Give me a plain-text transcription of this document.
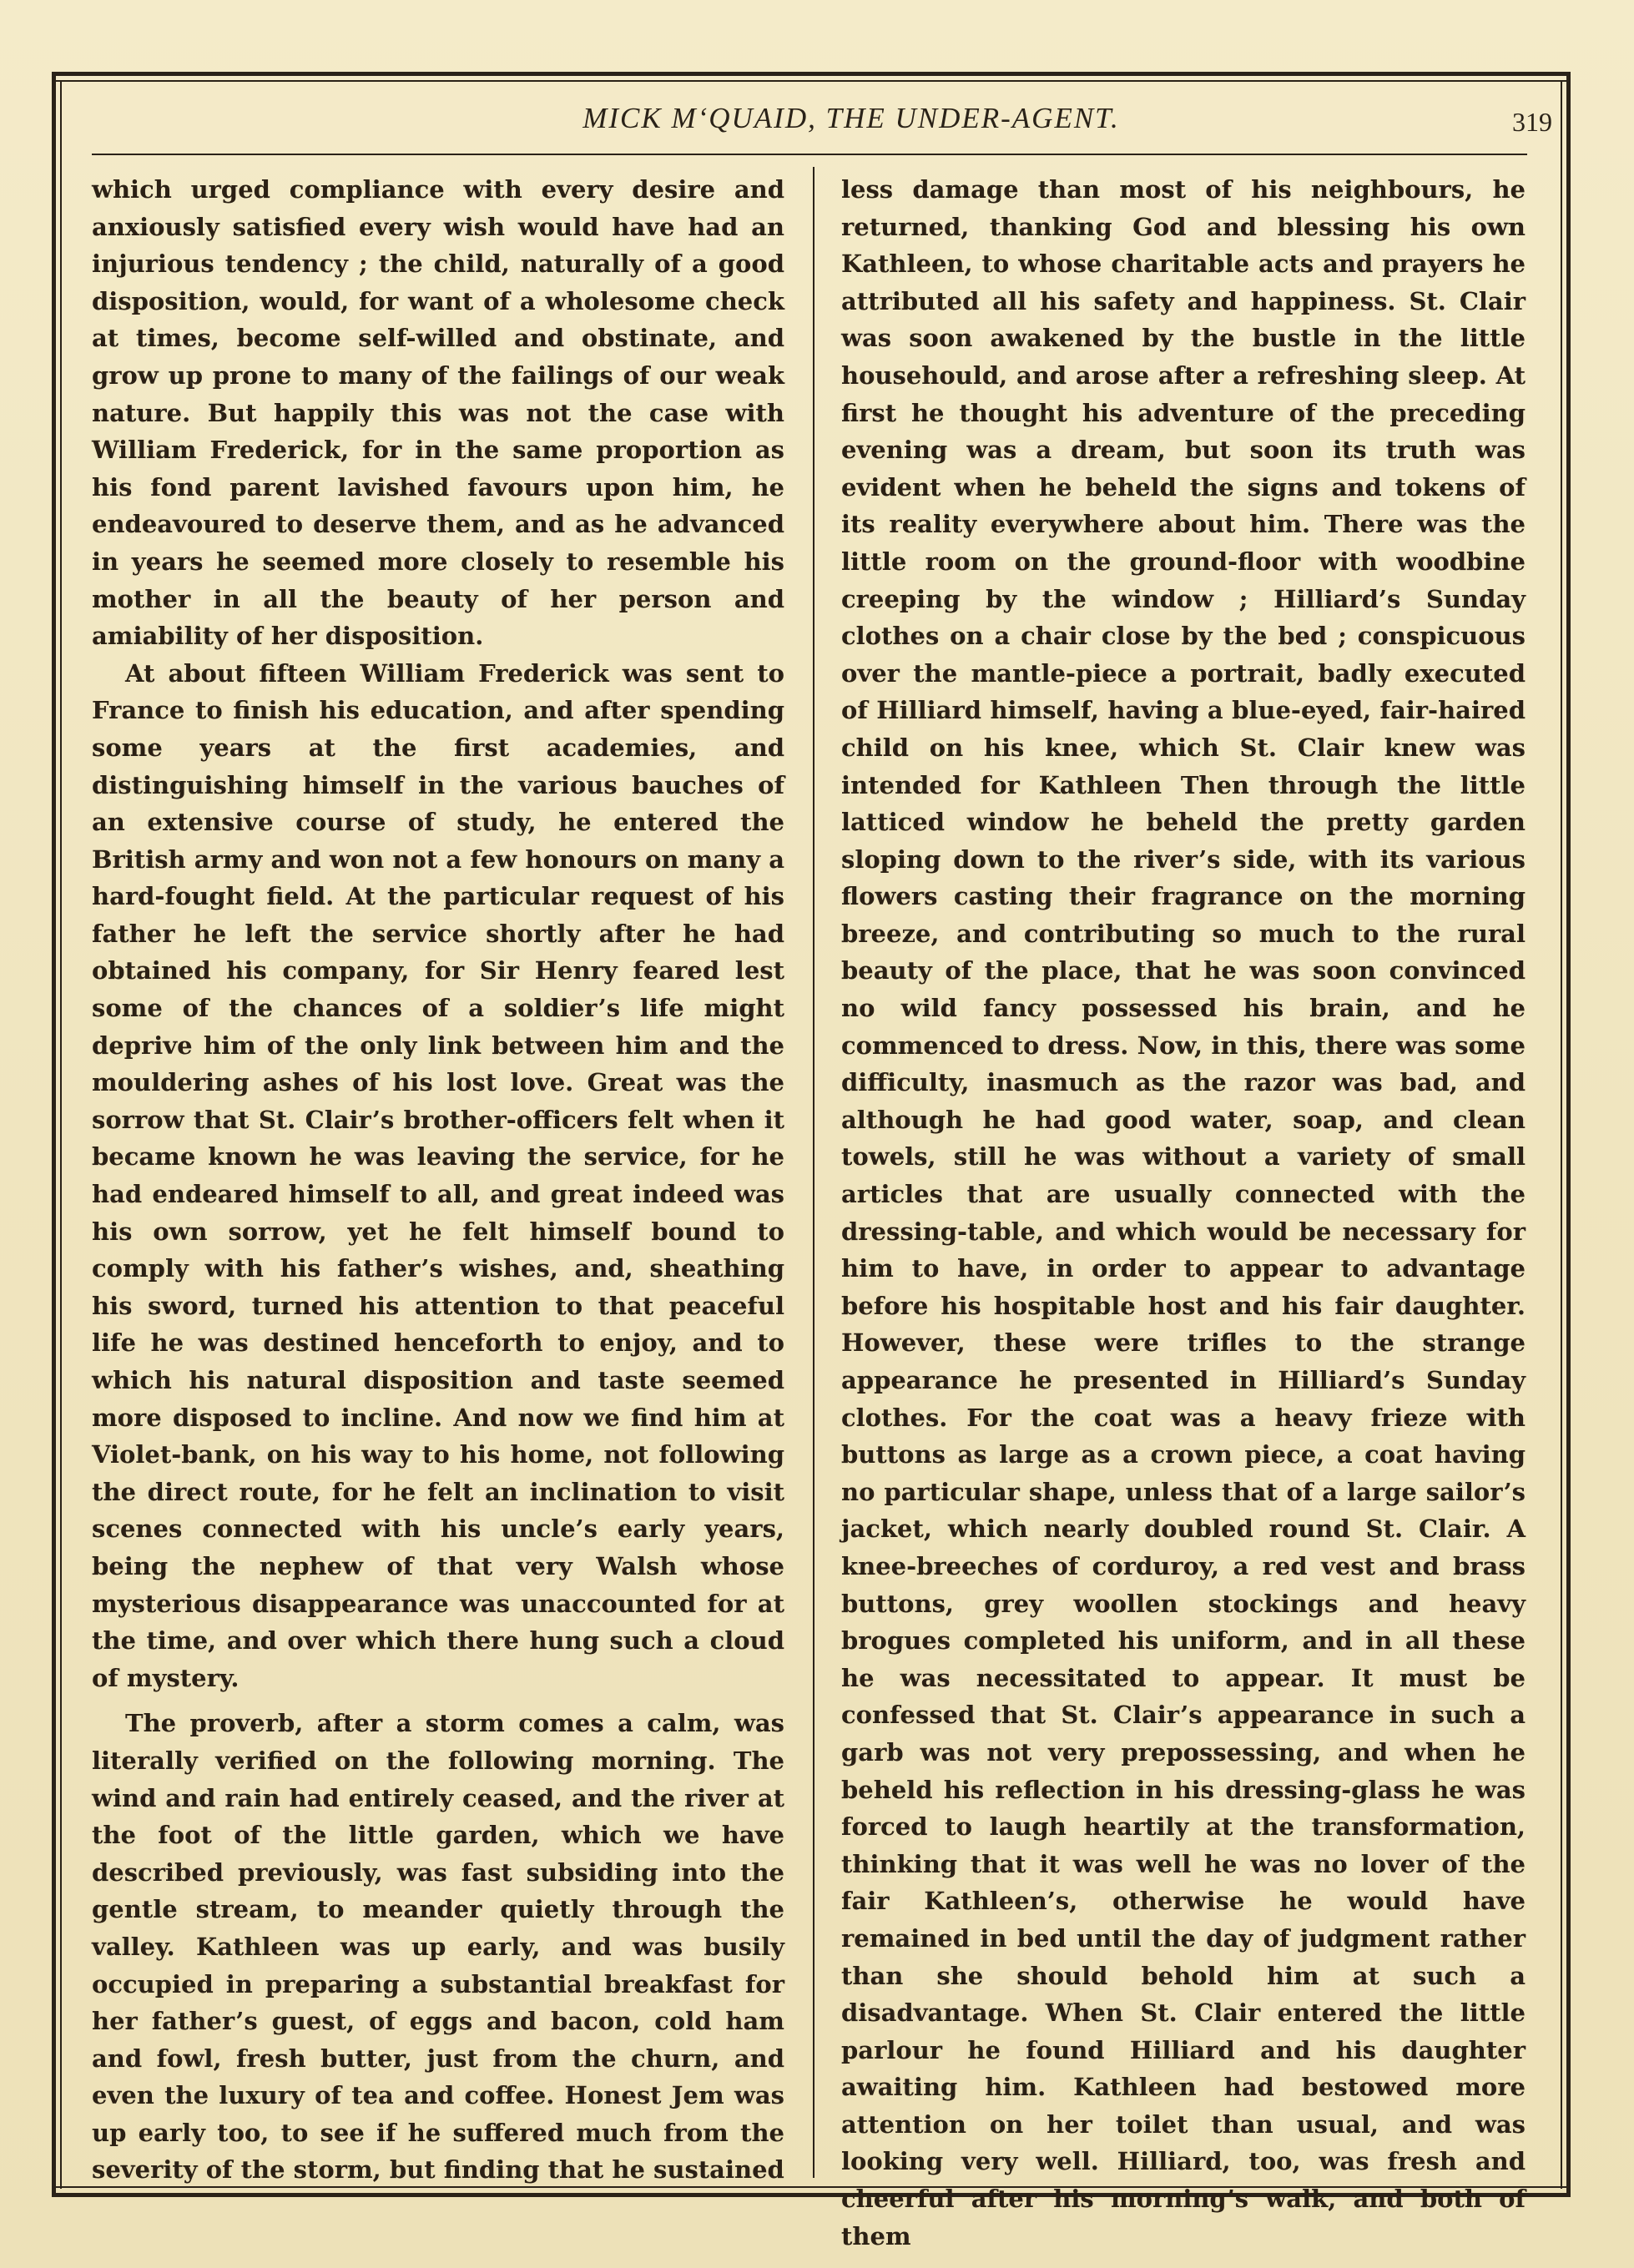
MICK M‘QUAID, THE UNDER-AGENT.	319

which urged compliance with every desire and anxiously satisfied every wish would have had an injurious tendency ; the child, naturally of a good disposition, would, for want of a wholesome check at times, become self-willed and obstinate, and grow up prone to many of the failings of our weak nature. But happily this was not the case with William Frederick, for in the same proportion as his fond parent lavished favours upon him, he endeavoured to deserve them, and as he advanced in years he seemed more closely to resemble his mother in all the beauty of her person and amiability of her disposition.

At about fifteen William Frederick was sent to France to finish his education, and after spending some years at the first academies, and distinguishing himself in the various bauches of an extensive course of study, he entered the British army and won not a few honours on many a hard-fought field. At the particular request of his father he left the service shortly after he had obtained his company, for Sir Henry feared lest some of the chances of a soldier’s life might deprive him of the only link between him and the mouldering ashes of his lost love. Great was the sorrow that St. Clair’s brother-officers felt when it became known he was leaving the service, for he had endeared himself to all, and great indeed was his own sorrow, yet he felt himself bound to comply with his father’s wishes, and, sheathing his sword, turned his attention to that peaceful life he was destined henceforth to enjoy, and to which his natural disposition and taste seemed more disposed to incline. And now we find him at Violet-bank, on his way to his home, not following the direct route, for he felt an inclination to visit scenes connected with his uncle’s early years, being the nephew of that very Walsh whose mysterious disappearance was unaccounted for at the time, and over which there hung such a cloud of mystery.

The proverb, after a storm comes a calm, was literally verified on the following morning. The wind and rain had entirely ceased, and the river at the foot of the little garden, which we have described previously, was fast subsiding into the gentle stream, to meander quietly through the valley. Kathleen was up early, and was busily occupied in preparing a substantial breakfast for her father’s guest, of eggs and bacon, cold ham and fowl, fresh butter, just from the churn, and even the luxury of tea and coffee. Honest Jem was up early too, to see if he suffered much from the severity of the storm, but finding that he sustained

less damage than most of his neighbours, he returned, thanking God and blessing his own Kathleen, to whose charitable acts and prayers he attributed all his safety and happiness. St. Clair was soon awakened by the bustle in the little househould, and arose after a refreshing sleep. At first he thought his adventure of the preceding evening was a dream, but soon its truth was evident when he beheld the signs and tokens of its reality everywhere about him. There was the little room on the ground-floor with woodbine creeping by the window ; Hilliard’s Sunday clothes on a chair close by the bed ; conspicuous over the mantle-piece a portrait, badly executed of Hilliard himself, having a blue-eyed, fair-haired child on his knee, which St. Clair knew was intended for Kathleen Then through the little latticed window he beheld the pretty garden sloping down to the river’s side, with its various flowers casting their fragrance on the morning breeze, and contributing so much to the rural beauty of the place, that he was soon convinced no wild fancy possessed his brain, and he commenced to dress. Now, in this, there was some difficulty, inasmuch as the razor was bad, and although he had good water, soap, and clean towels, still he was without a variety of small articles that are usually connected with the dressing-table, and which would be necessary for him to have, in order to appear to advantage before his hospitable host and his fair daughter. However, these were trifles to the strange appearance he presented in Hilliard’s Sunday clothes. For the coat was a heavy frieze with buttons as large as a crown piece, a coat having no particular shape, unless that of a large sailor’s jacket, which nearly doubled round St. Clair. A knee-breeches of corduroy, a red vest and brass buttons, grey woollen stockings and heavy brogues completed his uniform, and in all these he was necessitated to appear. It must be confessed that St. Clair’s appearance in such a garb was not very prepossessing, and when he beheld his reflection in his dressing-glass he was forced to laugh heartily at the transformation, thinking that it was well he was no lover of the fair Kathleen’s, otherwise he would have remained in bed until the day of judgment rather than she should behold him at such a disadvantage. When St. Clair entered the little parlour he found Hilliard and his daughter awaiting him. Kathleen had bestowed more attention on her toilet than usual, and was looking very well. Hilliard, too, was fresh and cheerful after his morning’s walk, and both of them
